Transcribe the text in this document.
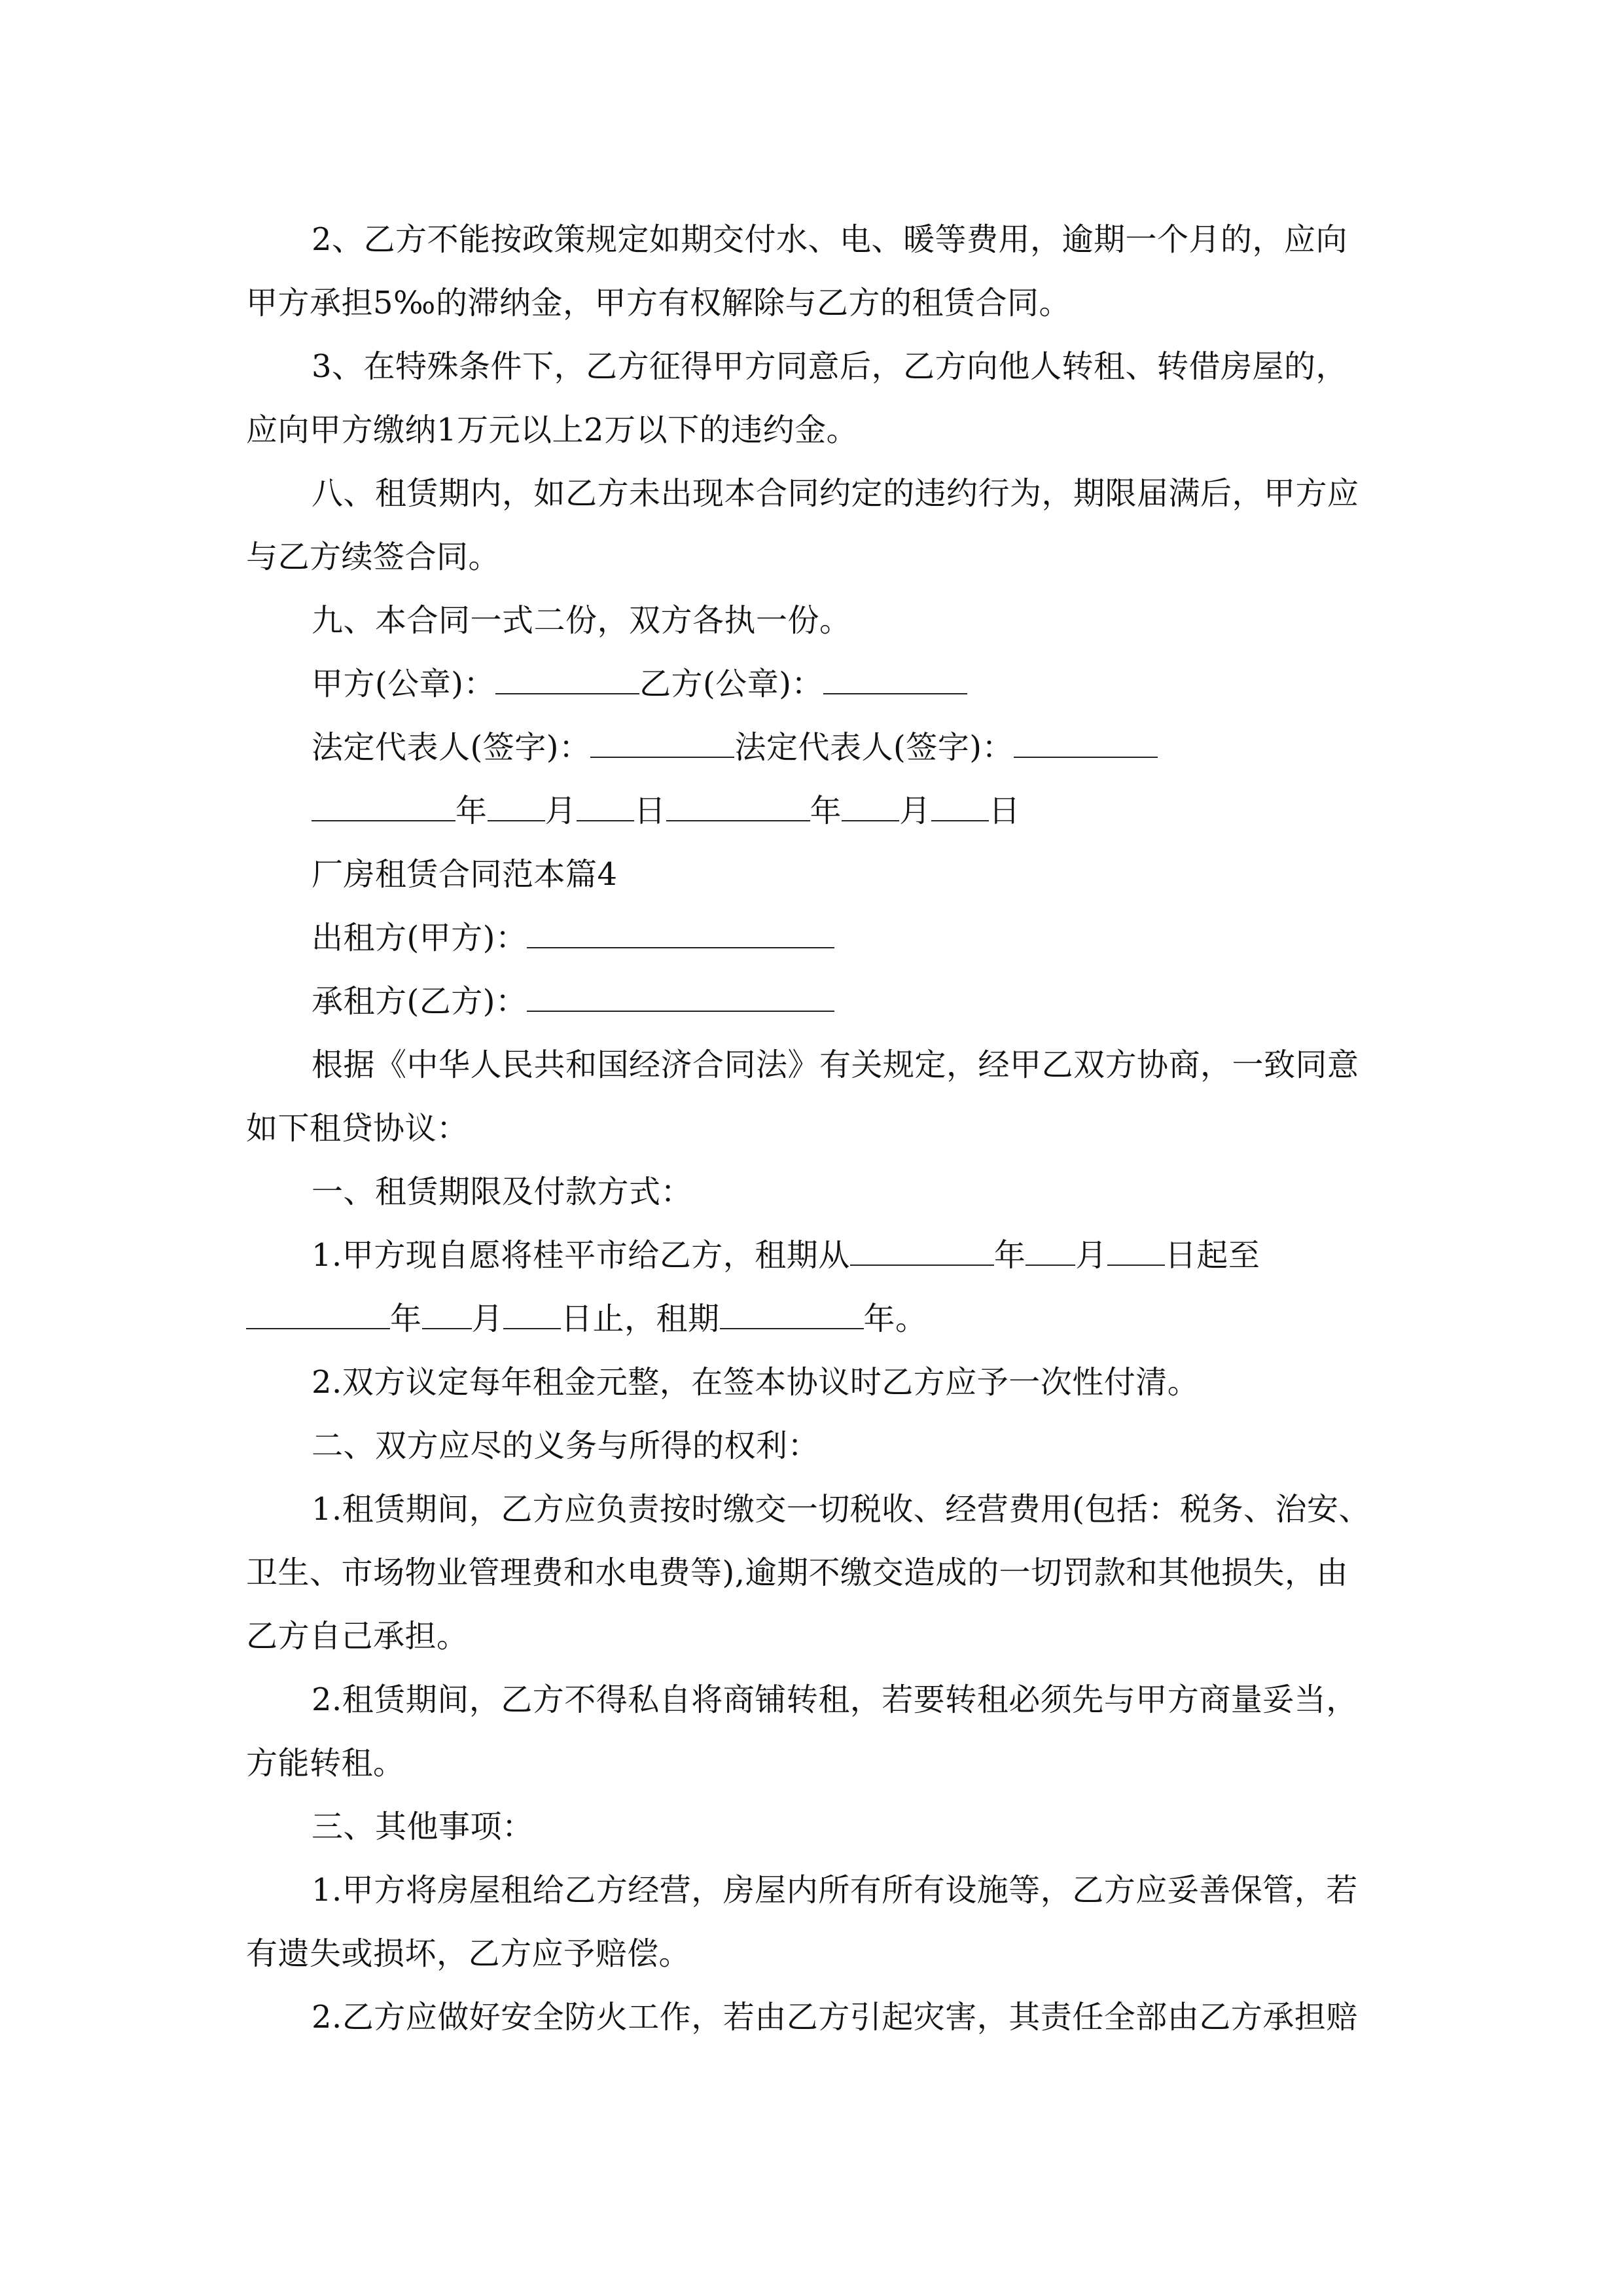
2、乙方不能按政策规定如期交付水、电、暖等费用，逾期一个月的，应向

甲方承担5‰的滞纳金，甲方有权解除与乙方的租赁合同。

3、在特殊条件下，乙方征得甲方同意后，乙方向他人转租、转借房屋的，

应向甲方缴纳1万元以上2万以下的违约金。

八、租赁期内，如乙方未出现本合同约定的违约行为，期限届满后，甲方应

与乙方续签合同。

九、本合同一式二份，双方各执一份。

甲方(公章)：	乙方(公章)：

法定代表人(签字)：	法定代表人(签字)：

年 月 日	年 月 日

厂房租赁合同范本篇4

出租方(甲方)：

承租方(乙方)：

根据《中华人民共和国经济合同法》有关规定，经甲乙双方协商，一致同意

如下租贷协议：

一、租赁期限及付款方式：

1.甲方现自愿将桂平市给乙方，租期从	年 月 日起至

年 月 日止，租期	年。

2.双方议定每年租金元整，在签本协议时乙方应予一次性付清。

二、双方应尽的义务与所得的权利：

1.租赁期间，乙方应负责按时缴交一切税收、经营费用(包括：税务、治安、

卫生、市场物业管理费和水电费等),逾期不缴交造成的一切罚款和其他损失，由

乙方自己承担。

2.租赁期间，乙方不得私自将商铺转租，若要转租必须先与甲方商量妥当，

方能转租。

三、其他事项：

1.甲方将房屋租给乙方经营，房屋内所有所有设施等，乙方应妥善保管，若

有遗失或损坏，乙方应予赔偿。

2.乙方应做好安全防火工作，若由乙方引起灾害，其责任全部由乙方承担赔
